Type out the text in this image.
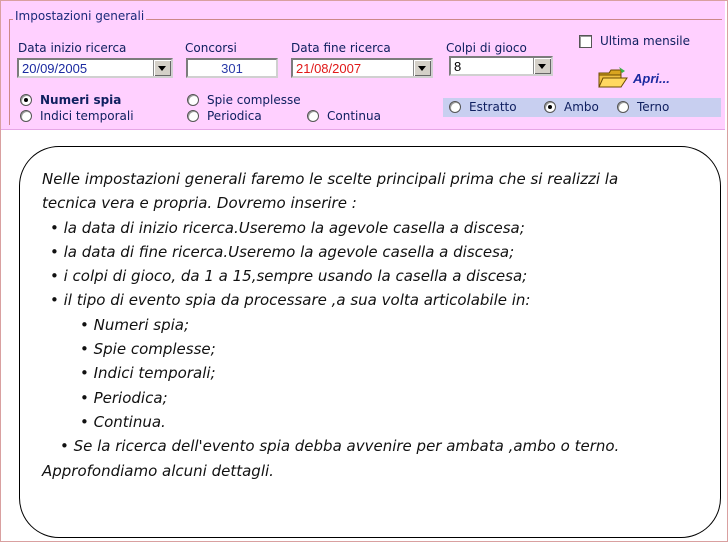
Impostazioni generali
Data inizio ricerca	Concorsi	Data fine ricerca	Colpi di gioco	Ultima mensile
20/09/2005	301	21/08/2007	8
Apri...
Numeri spia
Indici temporali
Spie complesse
Periodica	Continua
Estratto	Ambo	Terno
Nelle impostazioni generali faremo le scelte principali prima che si realizzi la
tecnica vera e propria. Dovremo inserire :
• la data di inizio ricerca.Useremo la agevole casella a discesa;
• la data di fine ricerca.Useremo la agevole casella a discesa;
• i colpi di gioco, da 1 a 15,sempre usando la casella a discesa;
• il tipo di evento spia da processare ,a sua volta articolabile in:
• Numeri spia;
• Spie complesse;
• Indici temporali;
• Periodica;
• Continua.
• Se la ricerca dell'evento spia debba avvenire per ambata ,ambo o terno.
Approfondiamo alcuni dettagli.
